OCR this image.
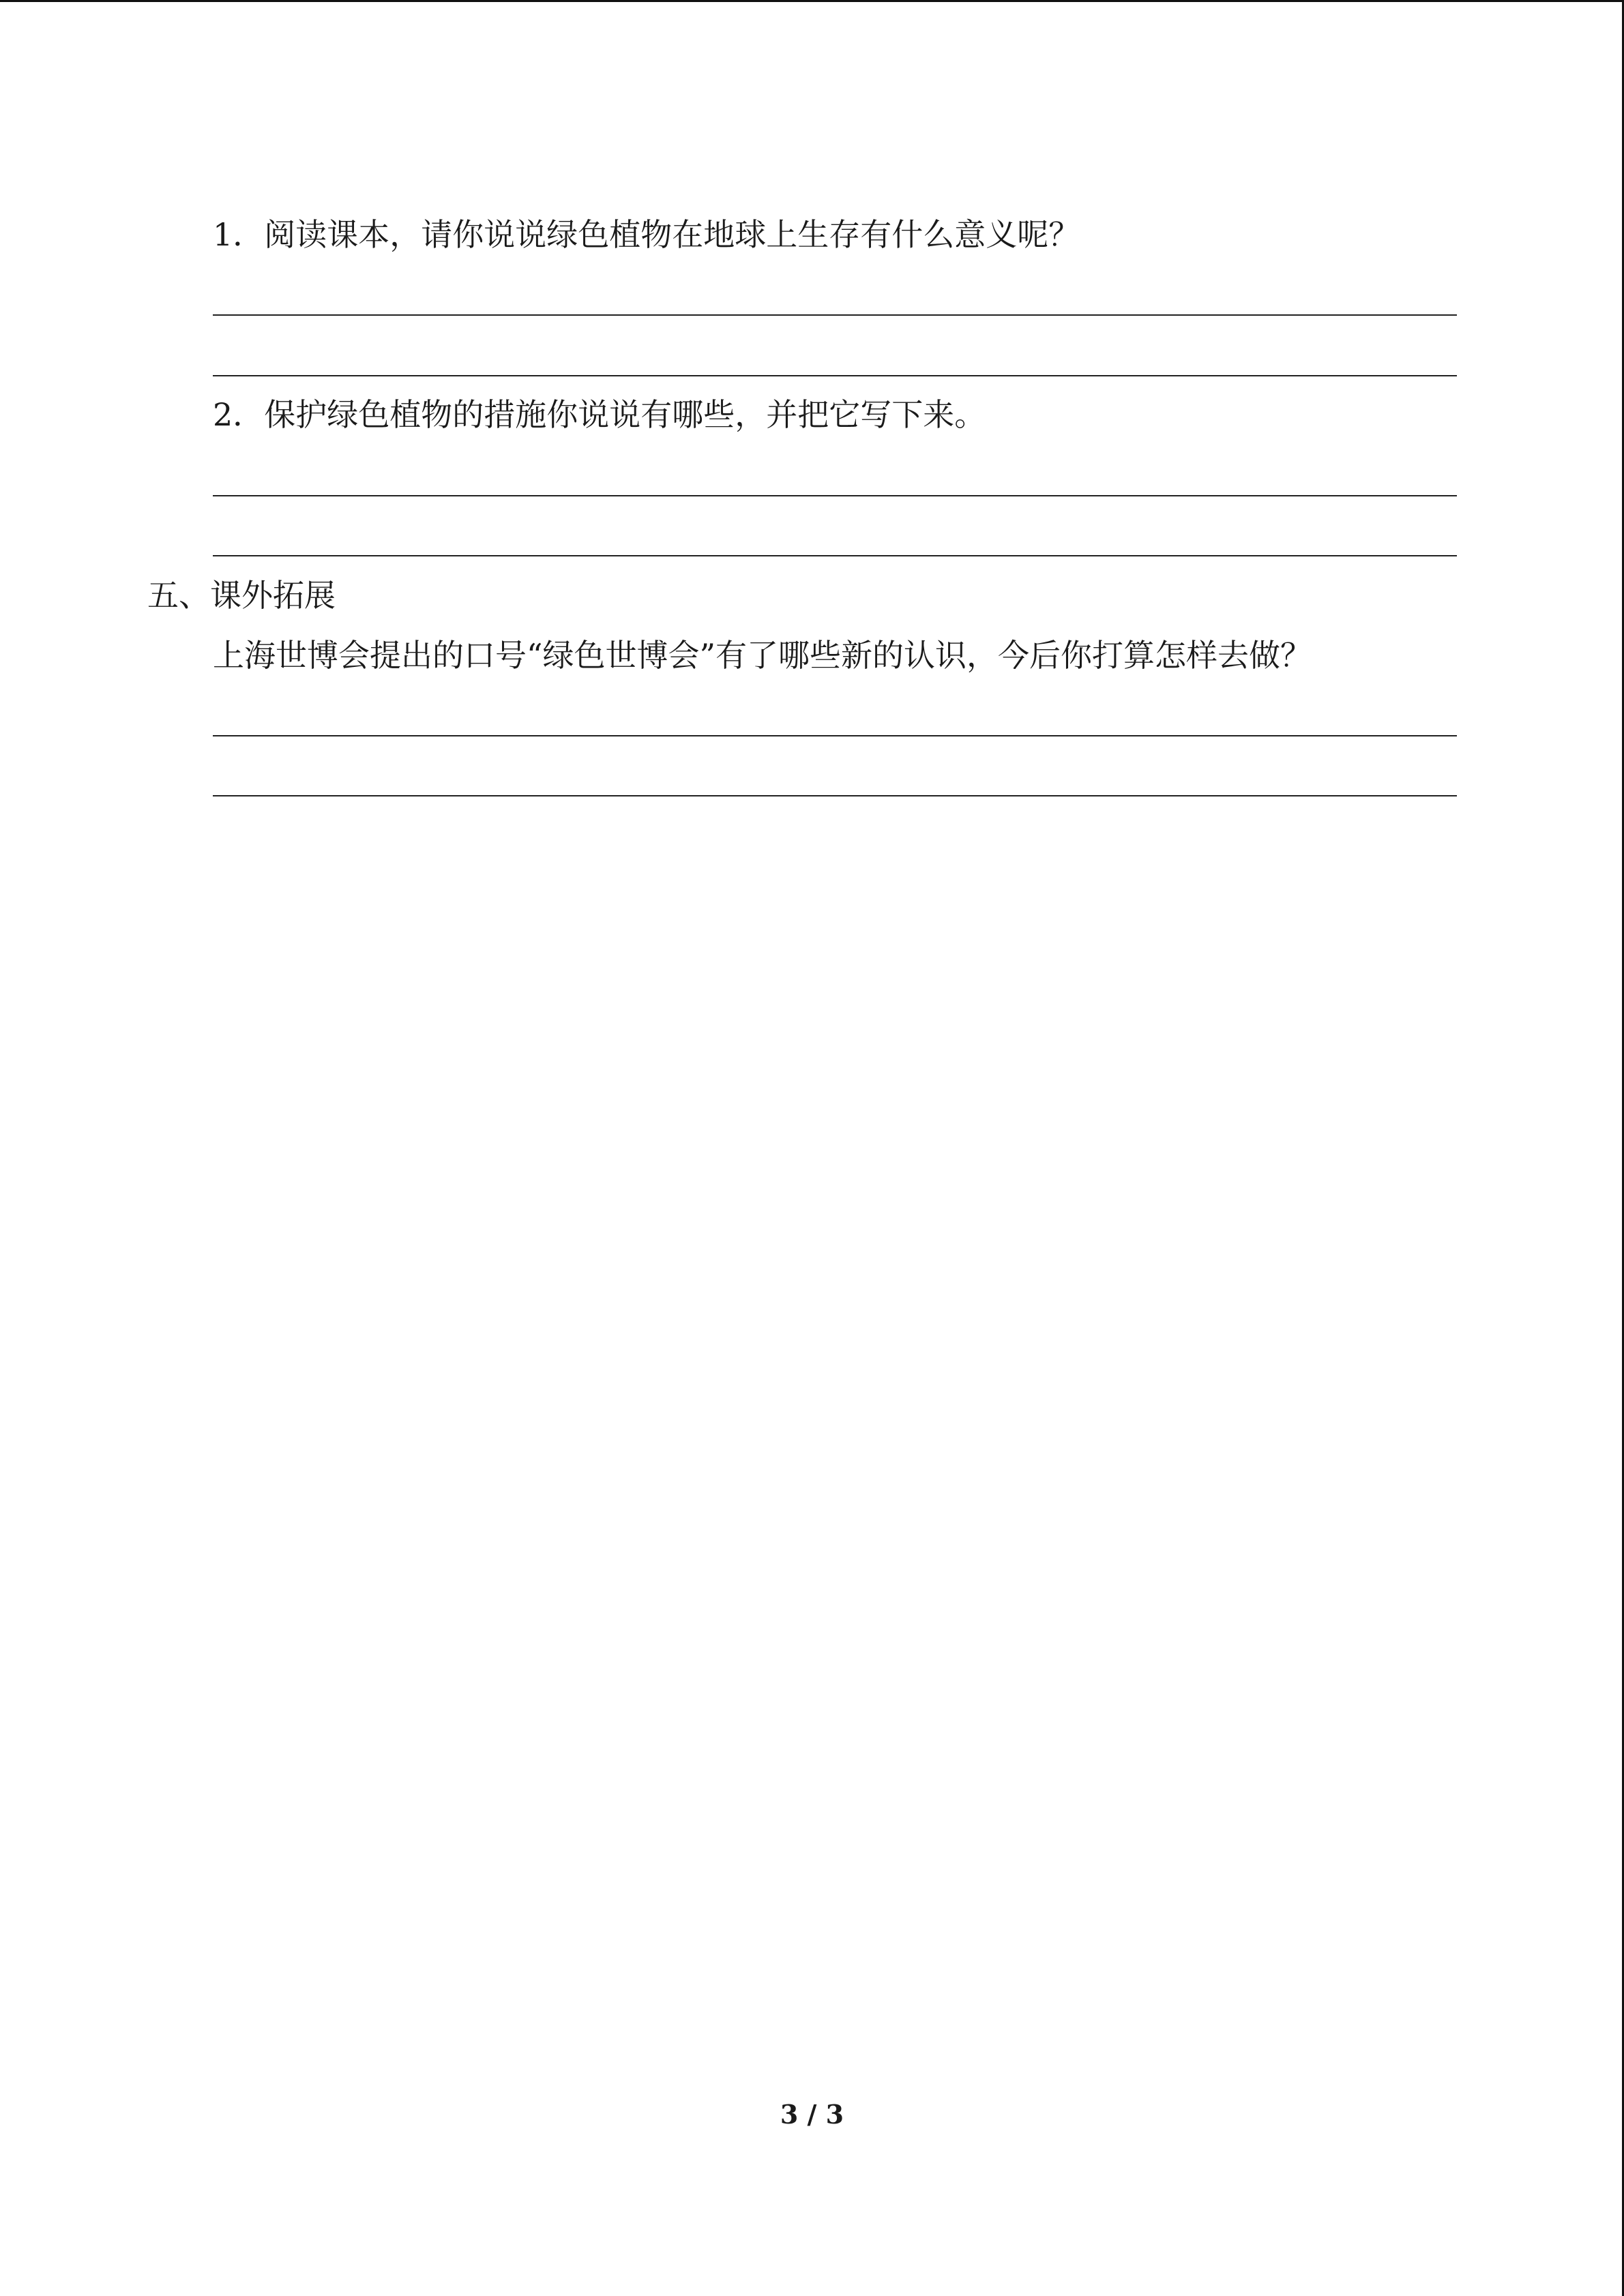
1．阅读课本，请你说说绿色植物在地球上生存有什么意义呢？
2．保护绿色植物的措施你说说有哪些，并把它写下来。
五、课外拓展
上海世博会提出的口号“绿色世博会”有了哪些新的认识，今后你打算怎样去做？
3 / 3
